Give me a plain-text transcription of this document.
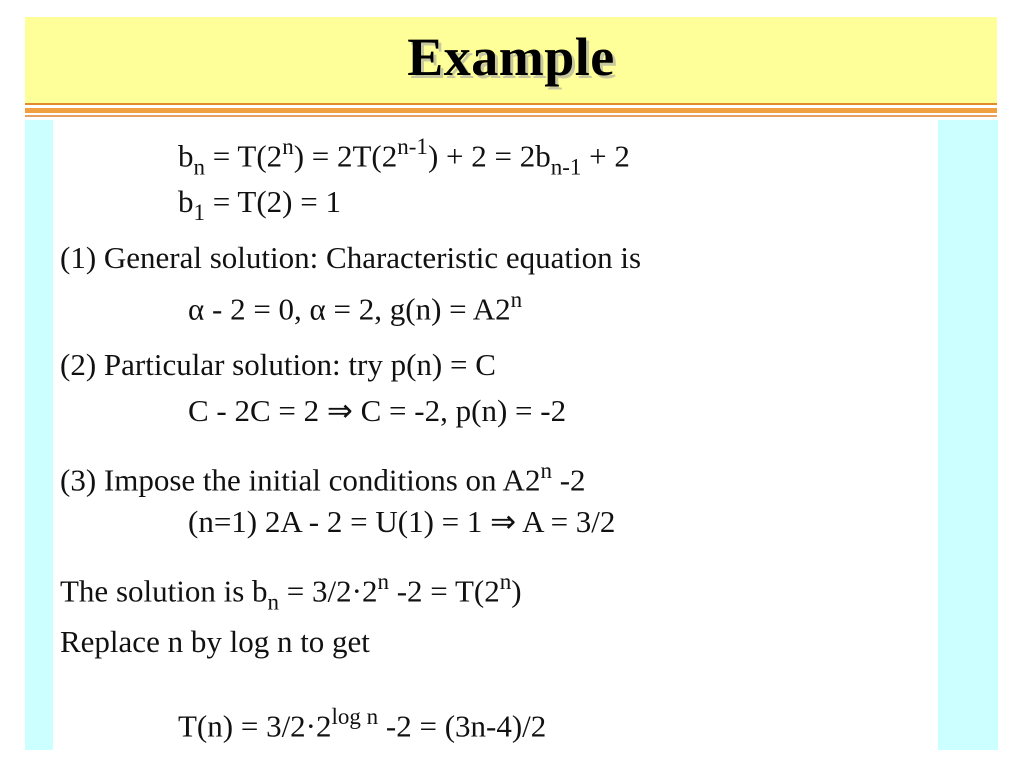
Example
$b_n = T(2^n) = 2T(2^{n-1}) + 2 = 2b_{n-1} + 2$
$b_1 = T(2) = 1$
(1) General solution: Characteristic equation is
α - 2 = 0, α = 2, $g(n) = A2^n$
(2) Particular solution: try p(n) = C
C - 2C = 2 ⇒ C = -2, p(n) = -2
(3) Impose the initial conditions on A2$^n$ -2
(n=1) 2A - 2 = U(1) = 1 ⇒ A = 3/2
The solution is $b_n = 3/2\cdot 2^n$ $-2 = T(2^n)$
Replace n by log n to get
$T(n) = 3/2\cdot 2^{log n}$ -2 = (3n-4)/2
